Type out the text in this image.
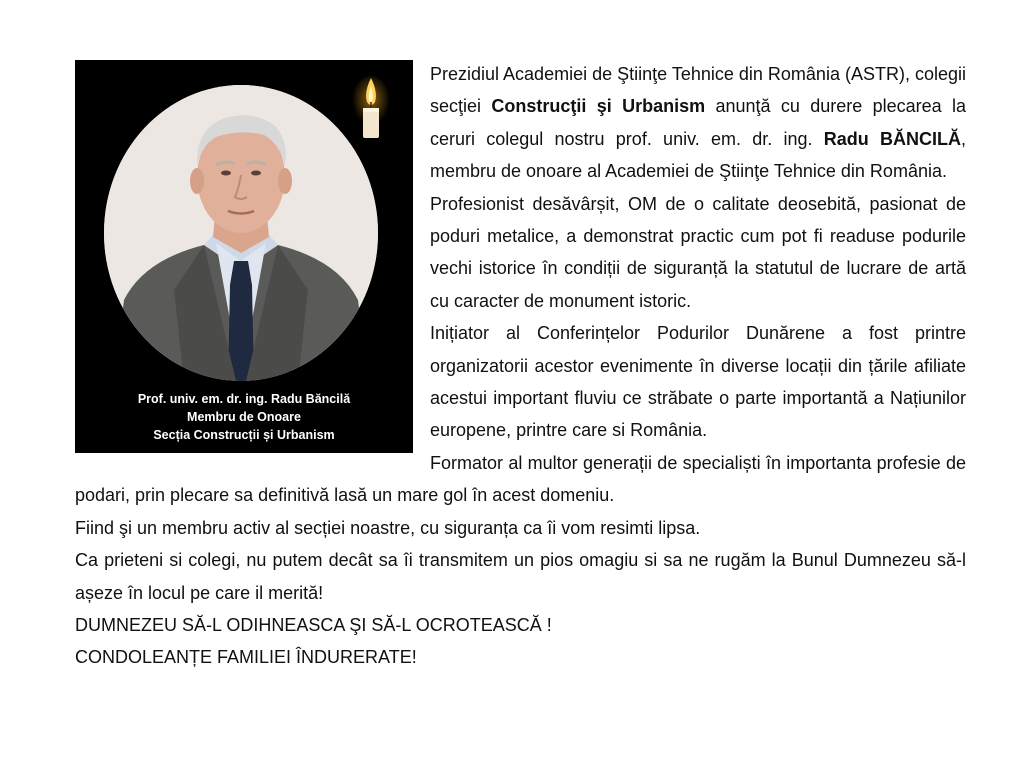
Prof. univ. em. dr. ing. Radu Băncilă
Membru de Onoare
Secția Construcții și Urbanism
Prezidiul Academiei de Ştiinţe Tehnice din România (ASTR), colegii secţiei Construcţii şi Urbanism anunţă cu durere plecarea la ceruri colegul nostru prof. univ. em. dr. ing. Radu BĂNCILĂ, membru de onoare al Academiei de Ştiinţe Tehnice din România.
Profesionist desăvârșit, OM de o calitate deosebită, pasionat de poduri metalice, a demonstrat practic cum pot fi readuse podurile vechi istorice în condiții de siguranță la statutul de lucrare de artă cu caracter de monument istoric.
Inițiator al Conferințelor Podurilor Dunărene a fost printre organizatorii acestor evenimente în diverse locații din țările afiliate acestui important fluviu ce străbate o parte importantă a Națiunilor europene, printre care si România.
Formator al multor generații de specialiști în importanta profesie de podari, prin plecare sa definitivă lasă un mare gol în acest domeniu.
Fiind şi un membru activ al secției noastre, cu siguranța ca îi vom resimti lipsa.
Ca prieteni si colegi, nu putem decât sa îi transmitem un pios omagiu si sa ne rugăm la Bunul Dumnezeu să-l așeze în locul pe care il merită!
DUMNEZEU SĂ-L ODIHNEASCA ŞI SĂ-L OCROTEASCĂ !
CONDOLEANȚE FAMILIEI ÎNDURERATE!
